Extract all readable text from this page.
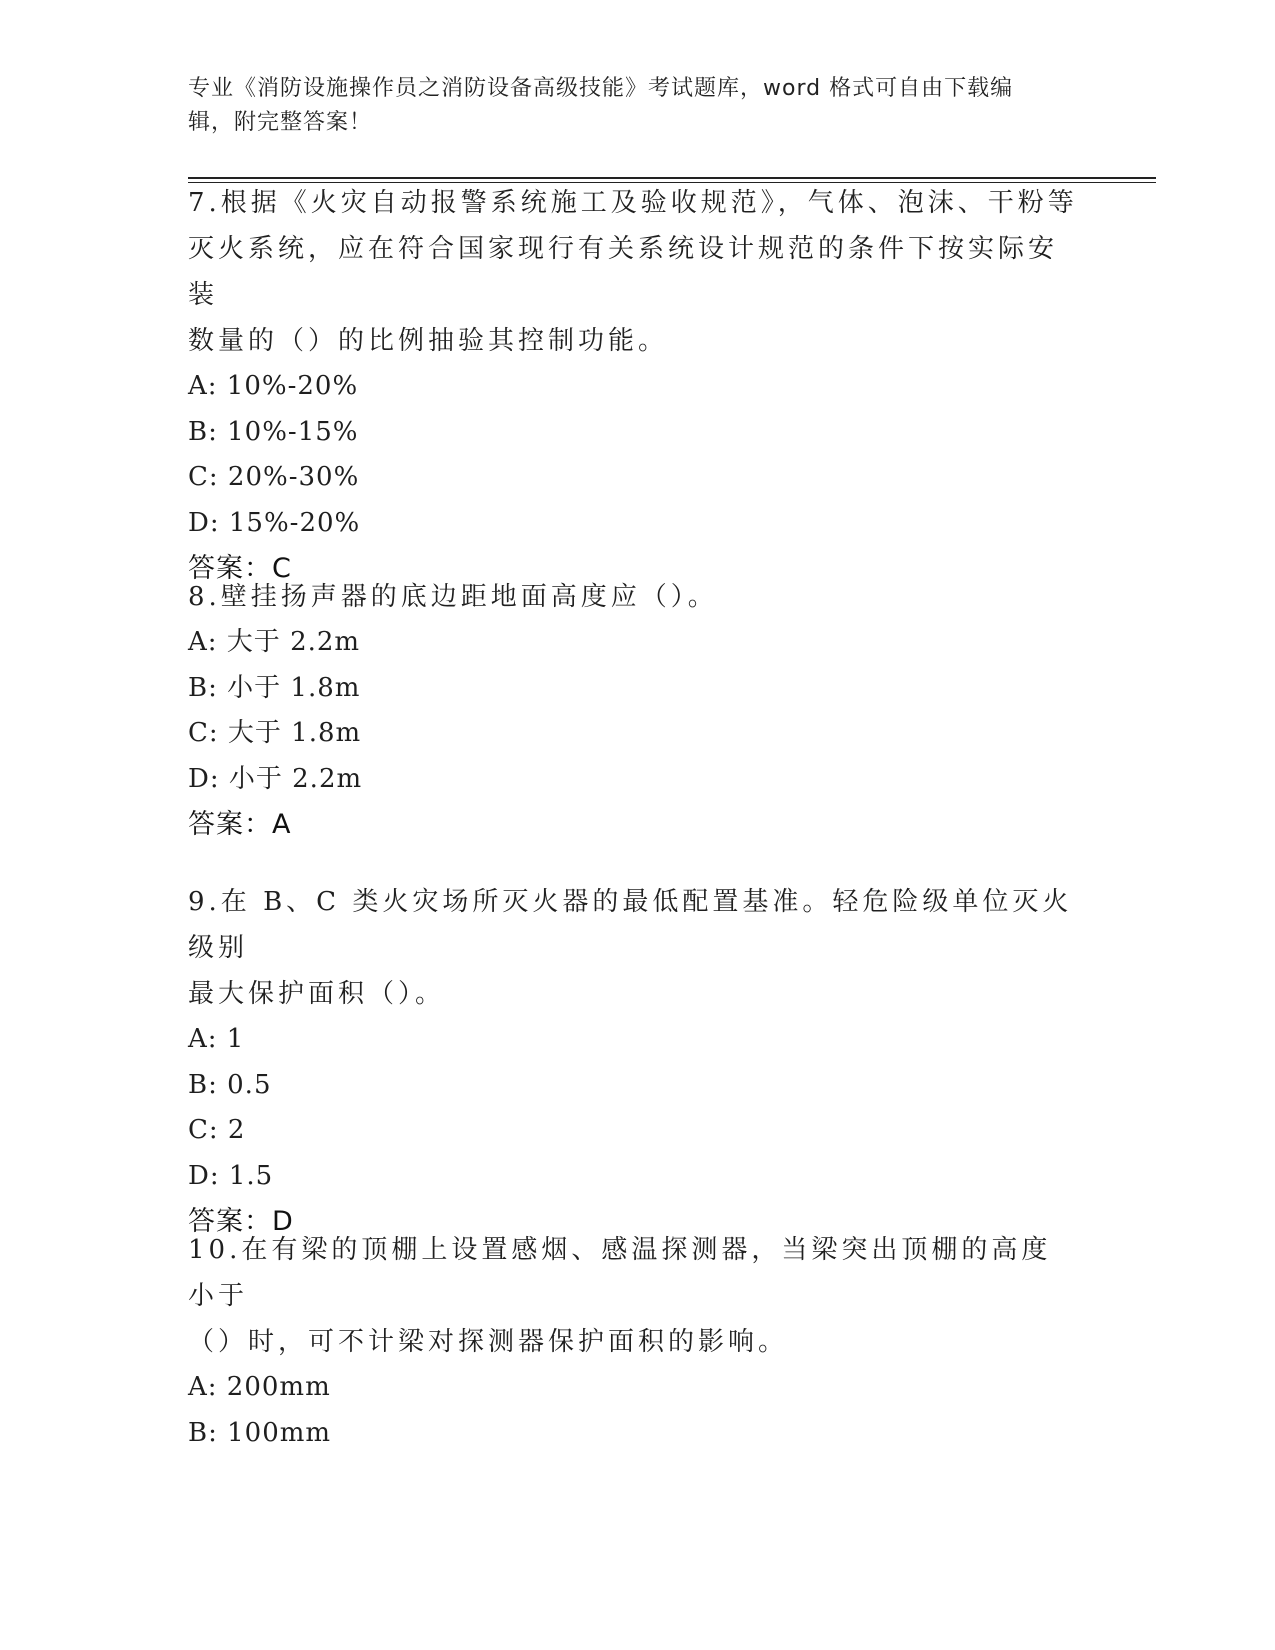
专业《消防设施操作员之消防设备高级技能》考试题库，word 格式可自由下载编
辑，附完整答案！

7.根据《火灾自动报警系统施工及验收规范》，气体、泡沫、干粉等

灭火系统，应在符合国家现行有关系统设计规范的条件下按实际安装

数量的（）的比例抽验其控制功能。

A: 10%-20%

B: 10%-15%

C: 20%-30%

D: 15%-20%

答案：C

8.壁挂扬声器的底边距地面高度应（）。

A: 大于 2.2m

B: 小于 1.8m

C: 大于 1.8m

D: 小于 2.2m

答案：A

9.在 B、C 类火灾场所灭火器的最低配置基准。轻危险级单位灭火级别

最大保护面积（）。

A: 1

B: 0.5

C: 2

D: 1.5

答案：D

10.在有梁的顶棚上设置感烟、感温探测器，当梁突出顶棚的高度小于

（）时，可不计梁对探测器保护面积的影响。

A: 200mm

B: 100mm
